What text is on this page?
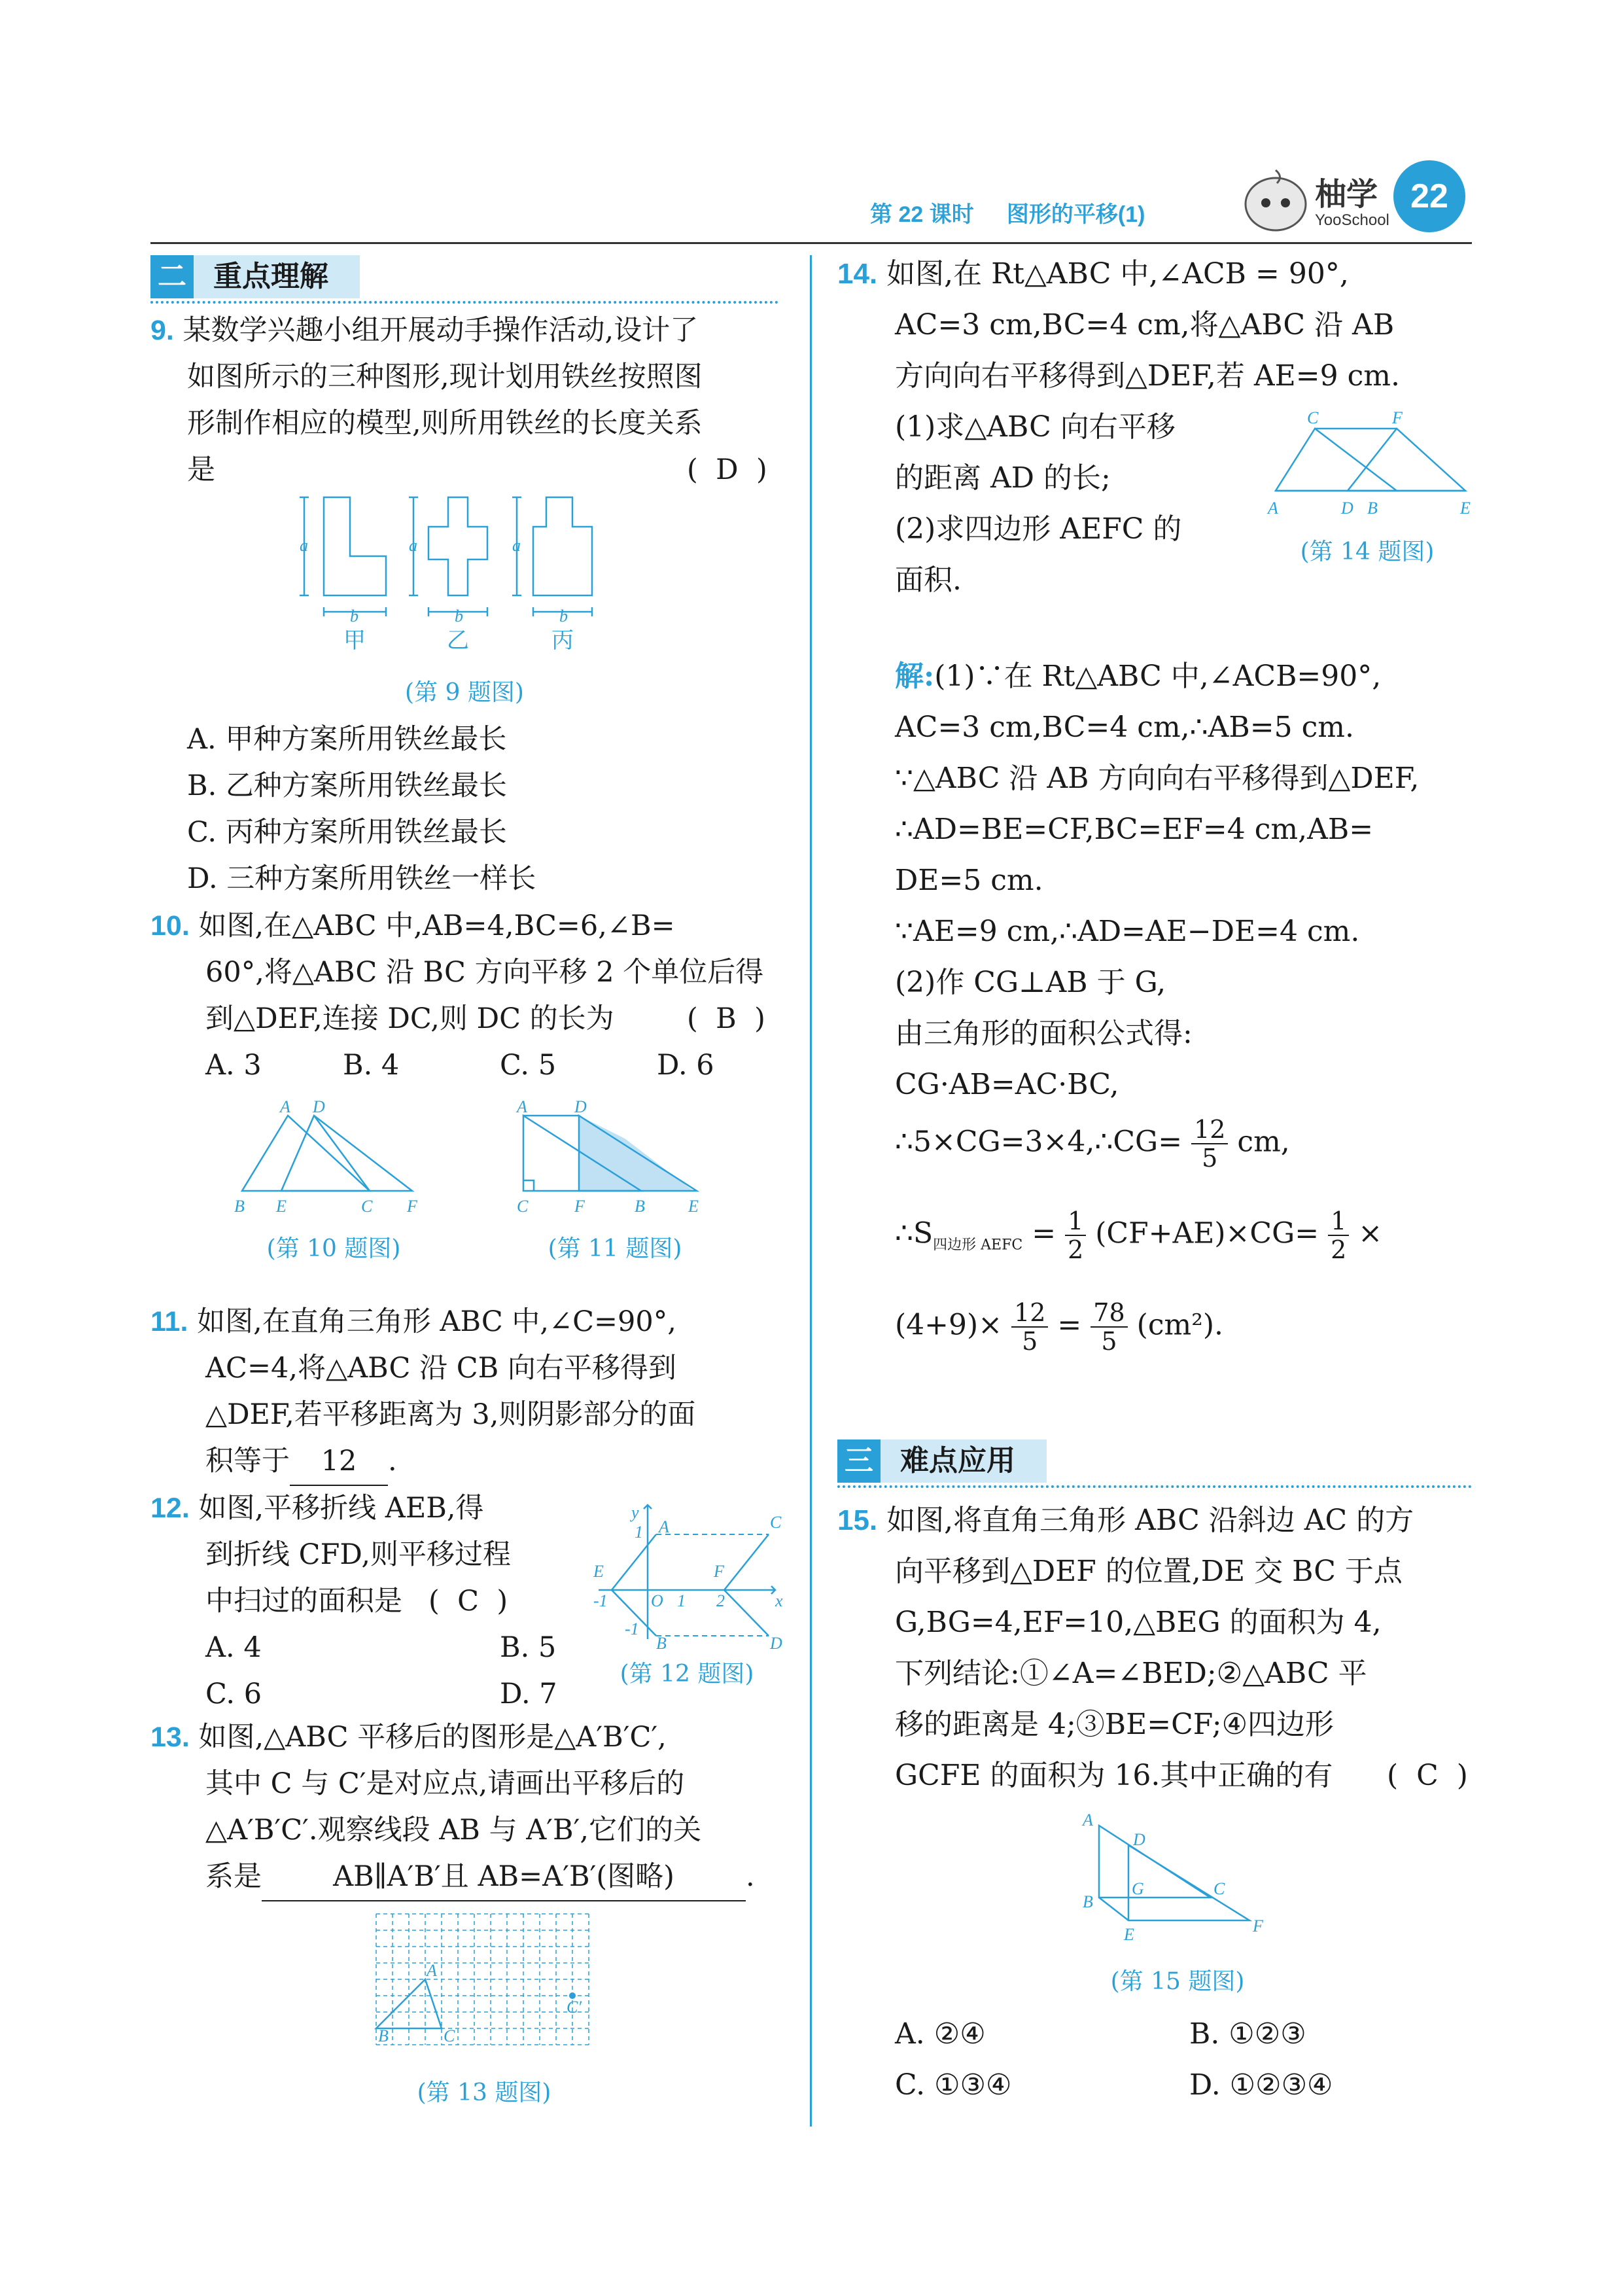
第 22 课时 图形的平移(1)
柚学
YooSchool
22
二 重点理解
9. 某数学兴趣小组开展动手操作活动,设计了
如图所示的三种图形,现计划用铁丝按照图
形制作相应的模型,则所用铁丝的长度关系
是	(  D  )
a	a	a
b	b	b
甲	乙	丙
(第 9 题图)
A. 甲种方案所用铁丝最长
B. 乙种方案所用铁丝最长
C. 丙种方案所用铁丝最长
D. 三种方案所用铁丝一样长
10. 如图,在△ABC 中,AB=4,BC=6,∠B=
60°,将△ABC 沿 BC 方向平移 2 个单位后得
到△DEF,连接 DC,则 DC 的长为	(  B  )
A. 3	B. 4	C. 5	D. 6
A D
B E	C F
(第 10 题图)
A	D
C	F	B	E
(第 11 题图)
11. 如图,在直角三角形 ABC 中,∠C=90°,
AC=4,将△ABC 沿 CB 向右平移得到
△DEF,若平移距离为 3,则阴影部分的面
积等于 12 .
12. 如图,平移折线 AEB,得
到折线 CFD,则平移过程
中扫过的面积是 (  C  )
A. 4	B. 5
C. 6	D. 7
y
x
O 1 2
-1
1
-1
A	C
E	F
B	D
(第 12 题图)
13. 如图,△ABC 平移后的图形是△A′B′C′,
其中 C 与 C′是对应点,请画出平移后的
△A′B′C′.观察线段 AB 与 A′B′,它们的关
系是	AB∥A′B′且 AB=A′B′(图略)	.
A
B	C
C′
(第 13 题图)
14. 如图,在 Rt△ABC 中,∠ACB = 90°,
AC=3 cm,BC=4 cm,将△ABC 沿 AB
方向向右平移得到△DEF,若 AE=9 cm.
(1)求△ABC 向右平移
的距离 AD 的长;
(2)求四边形 AEFC 的
面积.
C	F
A	D B	E
(第 14 题图)
解:(1)∵在 Rt△ABC 中,∠ACB=90°,
AC=3 cm,BC=4 cm,∴AB=5 cm.
∵△ABC 沿 AB 方向向右平移得到△DEF,
∴AD=BE=CF,BC=EF=4 cm,AB=
DE=5 cm.
∵AE=9 cm,∴AD=AE−DE=4 cm.
(2)作 CG⊥AB 于 G,
由三角形的面积公式得:
CG·AB=AC·BC,
∴5×CG=3×4,∴CG= $\frac{12}{5}$ cm,
$\therefore S_{四边形 AEFC} = \frac{1}{2} (CF+AE)\times CG= \frac{1}{2}$ ×
$(4+9)\times \frac{12}{5} = \frac{78}{5} (cm^2)$.
三 难点应用
15. 如图,将直角三角形 ABC 沿斜边 AC 的方
向平移到△DEF 的位置,DE 交 BC 于点
G,BG=4,EF=10,△BEG 的面积为 4,
下列结论:①∠A=∠BED;②△ABC 平
移的距离是 4;③BE=CF;④四边形
GCFE 的面积为 16.其中正确的有 (  C  )
A
D
G	C
B
E	F
(第 15 题图)
A. ②④	B. ①②③
C. ①③④	D. ①②③④
